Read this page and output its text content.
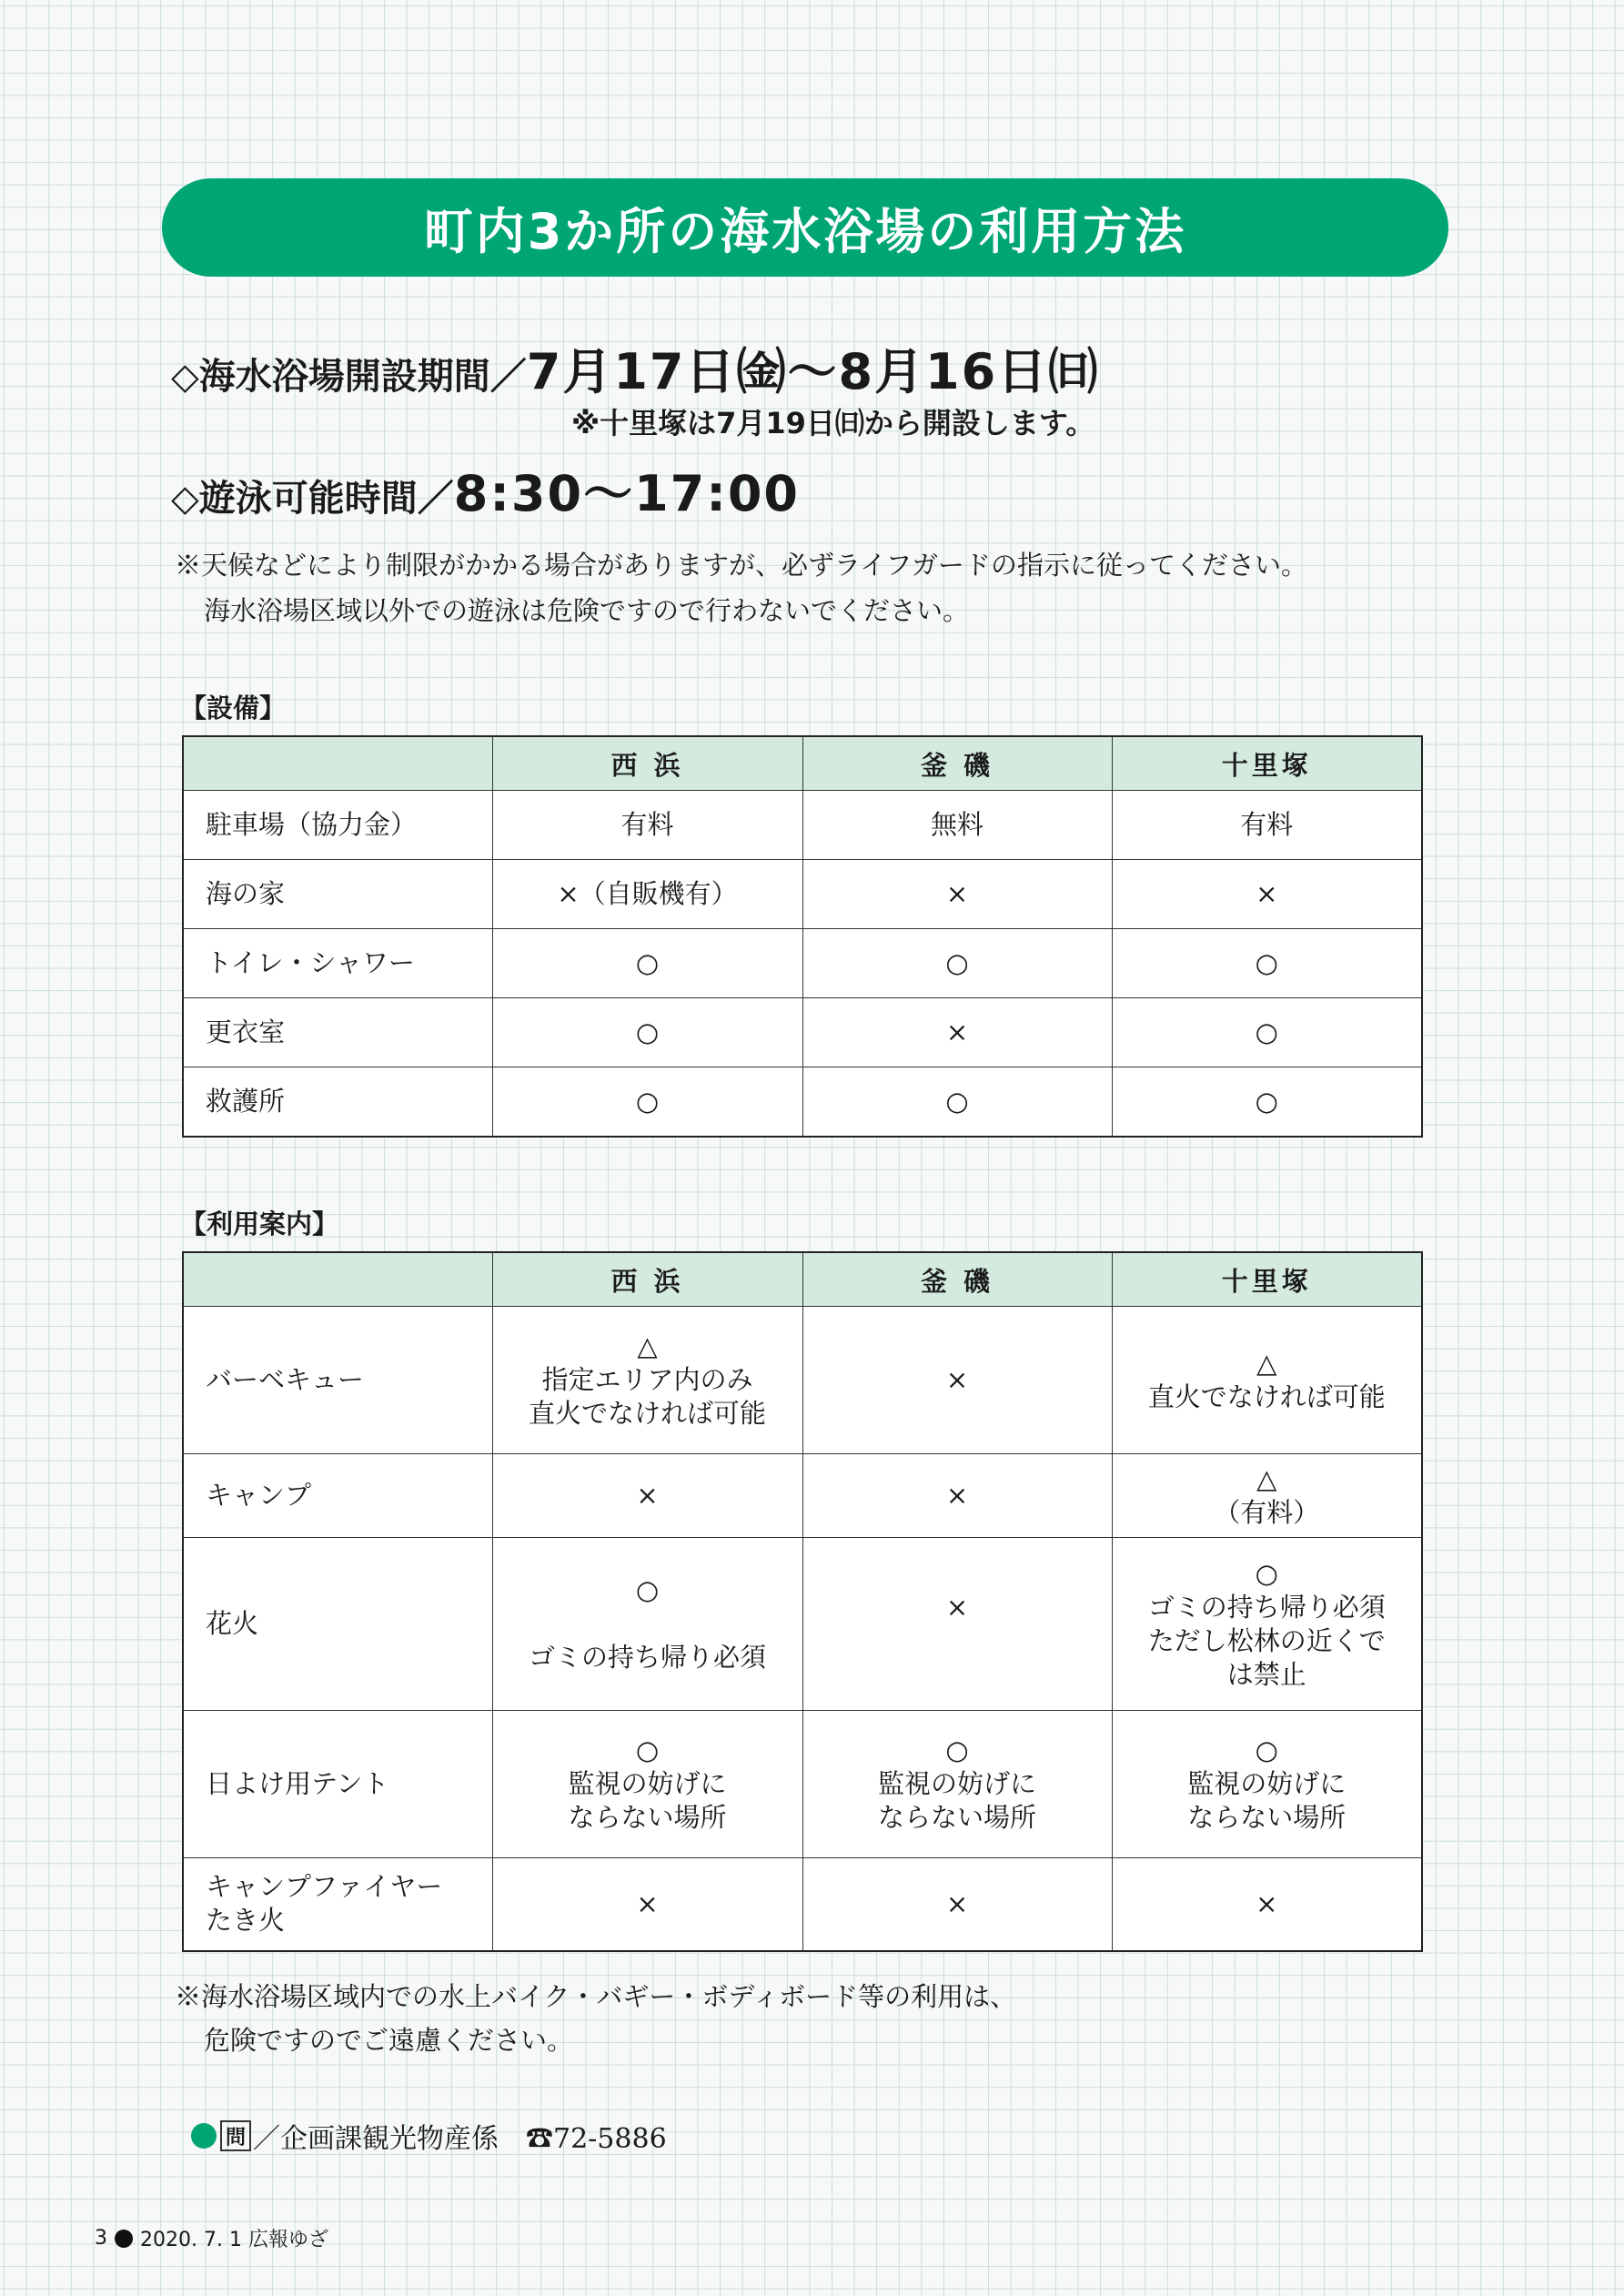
町内3か所の海水浴場の利用方法
◇海水浴場開設期間／7月17日㈮〜8月16日㈰
※十里塚は7月19日㈰から開設します。
◇遊泳可能時間／8:30〜17:00
※天候などにより制限がかかる場合がありますが、必ずライフガードの指示に従ってください。
海水浴場区域以外での遊泳は危険ですので行わないでください。
【設備】
	西 浜	釜 磯	十里塚
駐車場（協力金）	有料	無料	有料
海の家	×（自販機有）	×	×
トイレ・シャワー	○	○	○
更衣室	○	×	○
救護所	○	○	○
【利用案内】
	西 浜	釜 磯	十里塚
バーベキュー	△
指定エリア内のみ
直火でなければ可能	×	△
直火でなければ可能
キャンプ	×	×	△
（有料）
花火	○

ゴミの持ち帰り必須	×	○
ゴミの持ち帰り必須
ただし松林の近くで
は禁止
日よけ用テント	○
監視の妨げに
ならない場所	○
監視の妨げに
ならない場所	○
監視の妨げに
ならない場所
キャンプファイヤー
たき火	×	×	×
※海水浴場区域内での水上バイク・バギー・ボディボード等の利用は、
危険ですのでご遠慮ください。
問 ／企画課観光物産係　☎72-5886
3 2020. 7. 1 広報ゆざ
